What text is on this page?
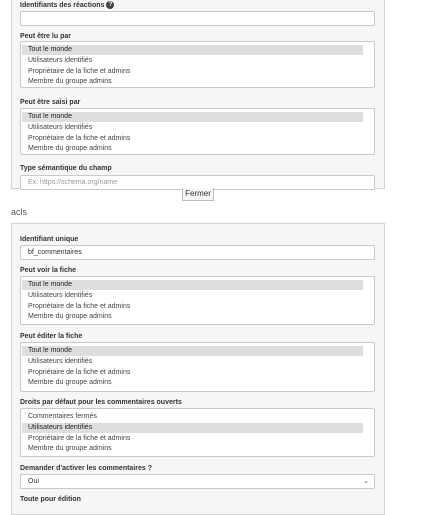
Identifiants des réactions ?
Peut être lu par
Tout le monde
Utilisateurs identifiés
Propriétaire de la fiche et admins
Membre du groupe admins
Peut être saisi par
Tout le monde
Utilisateurs identifiés
Propriétaire de la fiche et admins
Membre du groupe admins
Type sémantique du champ
Ex: https://schema.org/name
Fermer
acls
Identifiant unique
bf_commentaires
Peut voir la fiche
Tout le monde
Utilisateurs identifiés
Propriétaire de la fiche et admins
Membre du groupe admins
Peut éditer la fiche
Tout le monde
Utilisateurs identifiés
Propriétaire de la fiche et admins
Membre du groupe admins
Droits par défaut pour les commentaires ouverts
Commentaires fermés
Utilisateurs identifiés
Propriétaire de la fiche et admins
Membre du groupe admins
Demander d'activer les commentaires ?
Oui	⌄
Toute pour édition
